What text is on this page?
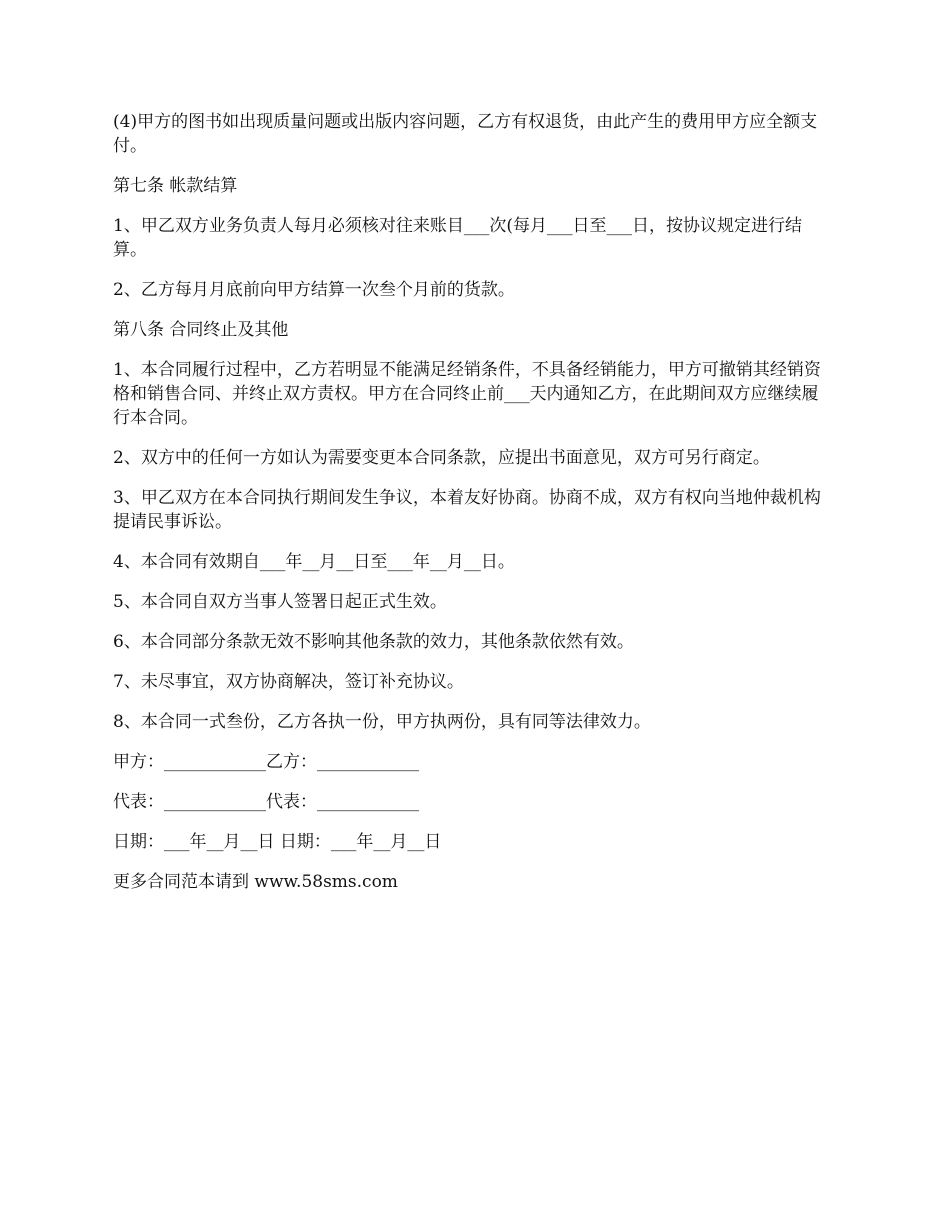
(4)甲方的图书如出现质量问题或出版内容问题，乙方有权退货，由此产生的费用甲方应全额支付。

第七条 帐款结算

1、甲乙双方业务负责人每月必须核对往来账目___次(每月___日至___日，按协议规定进行结算。

2、乙方每月月底前向甲方结算一次叁个月前的货款。

第八条 合同终止及其他

1、本合同履行过程中，乙方若明显不能满足经销条件，不具备经销能力，甲方可撤销其经销资格和销售合同、并终止双方责权。甲方在合同终止前___天内通知乙方，在此期间双方应继续履行本合同。

2、双方中的任何一方如认为需要变更本合同条款，应提出书面意见，双方可另行商定。

3、甲乙双方在本合同执行期间发生争议，本着友好协商。协商不成，双方有权向当地仲裁机构提请民事诉讼。

4、本合同有效期自___年__月__日至___年__月__日。

5、本合同自双方当事人签署日起正式生效。

6、本合同部分条款无效不影响其他条款的效力，其他条款依然有效。

7、未尽事宜，双方协商解决，签订补充协议。

8、本合同一式叁份，乙方各执一份，甲方执两份，具有同等法律效力。

甲方：____________乙方：____________

代表：____________代表：____________

日期：___年__月__日 日期：___年__月__日

更多合同范本请到 www.58sms.com
